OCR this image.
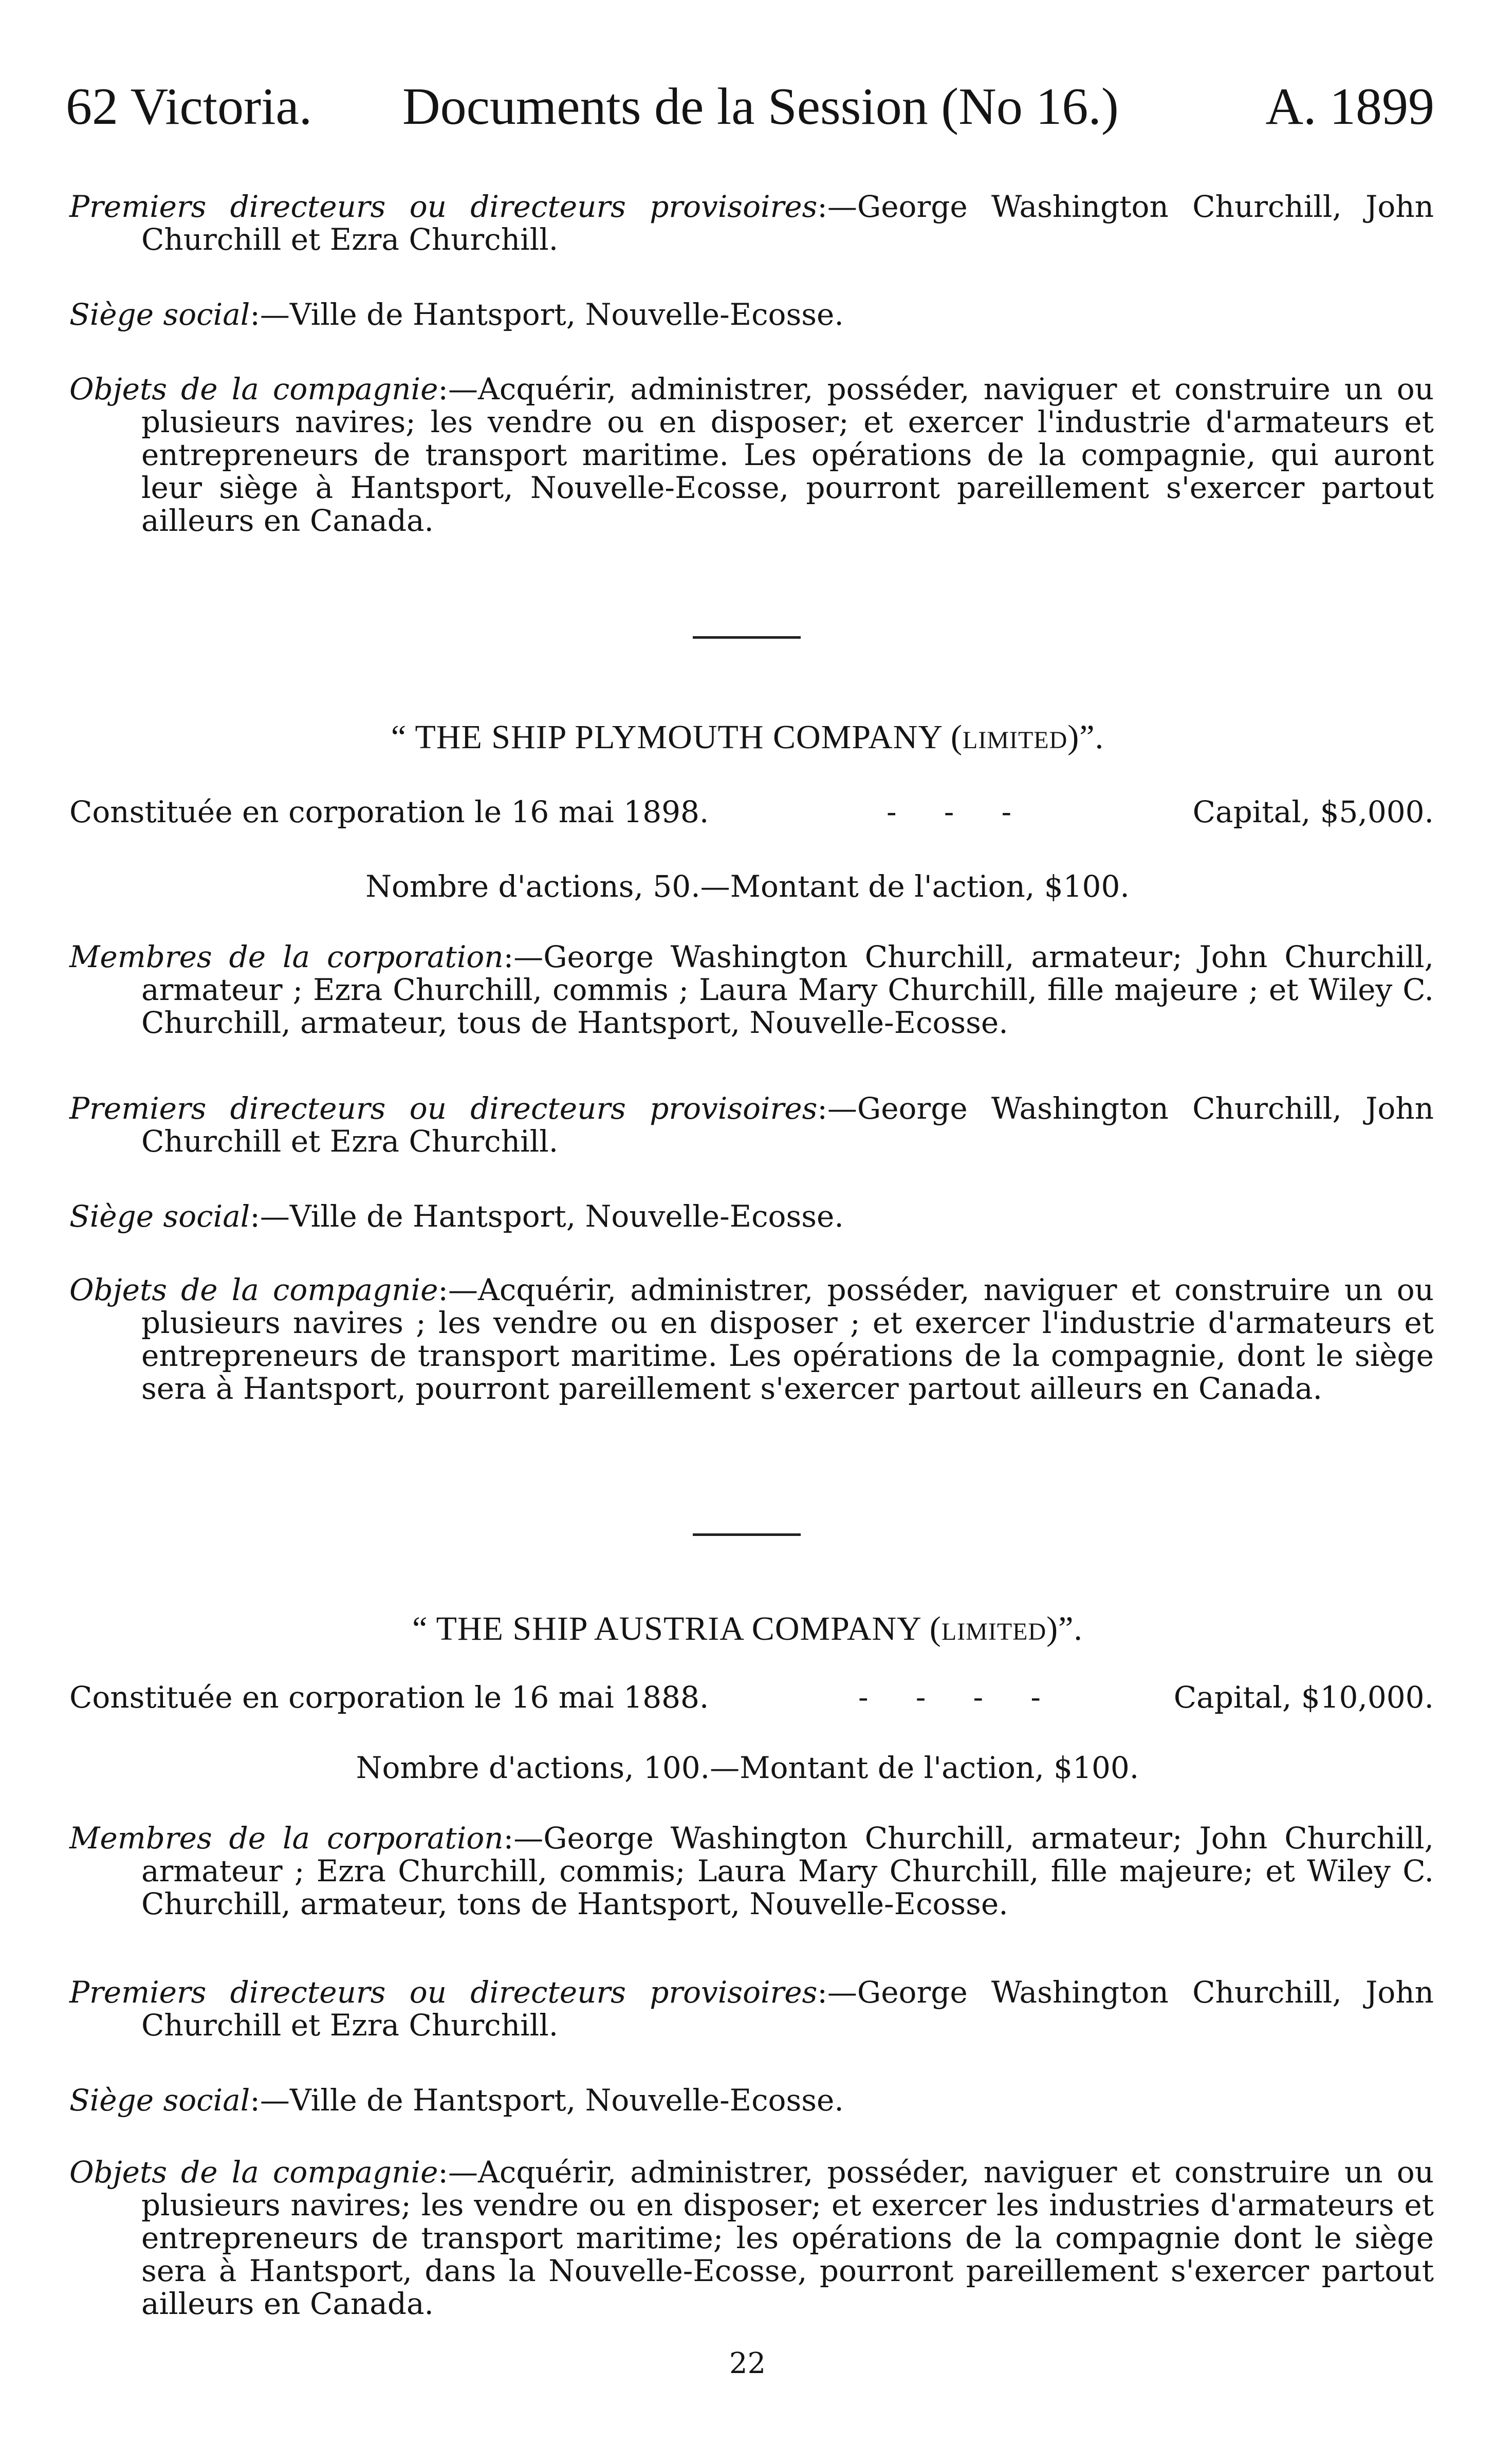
62 Victoria. Documents de la Session (No 16.)	A. 1899
Premiers directeurs ou directeurs provisoires:—George Washington Churchill, John Churchill et Ezra Churchill.
Siège social:—Ville de Hantsport, Nouvelle-Ecosse.
Objets de la compagnie:—Acquérir, administrer, posséder, naviguer et construire un ou plusieurs navires; les vendre ou en disposer; et exercer l'industrie d'armateurs et entrepreneurs de transport maritime. Les opérations de la compagnie, qui auront leur siège à Hantsport, Nouvelle-Ecosse, pourront pareillement s'exercer partout ailleurs en Canada.
“ THE SHIP PLYMOUTH COMPANY (LIMITED)”.
Constituée en corporation le 16 mai 1898.	-     -     -	Capital, $5,000.
Nombre d'actions, 50.—Montant de l'action, $100.
Membres de la corporation:—George Washington Churchill, armateur; John Churchill, armateur ; Ezra Churchill, commis ; Laura Mary Churchill, fille majeure ; et Wiley C. Churchill, armateur, tous de Hantsport, Nouvelle-Ecosse.
Premiers directeurs ou directeurs provisoires:—George Washington Churchill, John Churchill et Ezra Churchill.
Siège social:—Ville de Hantsport, Nouvelle-Ecosse.
Objets de la compagnie:—Acquérir, administrer, posséder, naviguer et construire un ou plusieurs navires ; les vendre ou en disposer ; et exercer l'industrie d'armateurs et entrepreneurs de transport maritime. Les opérations de la compagnie, dont le siège sera à Hantsport, pourront pareillement s'exercer partout ailleurs en Canada.
“ THE SHIP AUSTRIA COMPANY (LIMITED)”.
Constituée en corporation le 16 mai 1888.	-     -     -     -	Capital, $10,000.
Nombre d'actions, 100.—Montant de l'action, $100.
Membres de la corporation:—George Washington Churchill, armateur; John Churchill, armateur ; Ezra Churchill, commis; Laura Mary Churchill, fille majeure; et Wiley C. Churchill, armateur, tons de Hantsport, Nouvelle-Ecosse.
Premiers directeurs ou directeurs provisoires:—George Washington Churchill, John Churchill et Ezra Churchill.
Siège social:—Ville de Hantsport, Nouvelle-Ecosse.
Objets de la compagnie:—Acquérir, administrer, posséder, naviguer et construire un ou plusieurs navires; les vendre ou en disposer; et exercer les industries d'armateurs et entrepreneurs de transport maritime; les opérations de la compagnie dont le siège sera à Hantsport, dans la Nouvelle-Ecosse, pourront pareillement s'exercer partout ailleurs en Canada.
22
